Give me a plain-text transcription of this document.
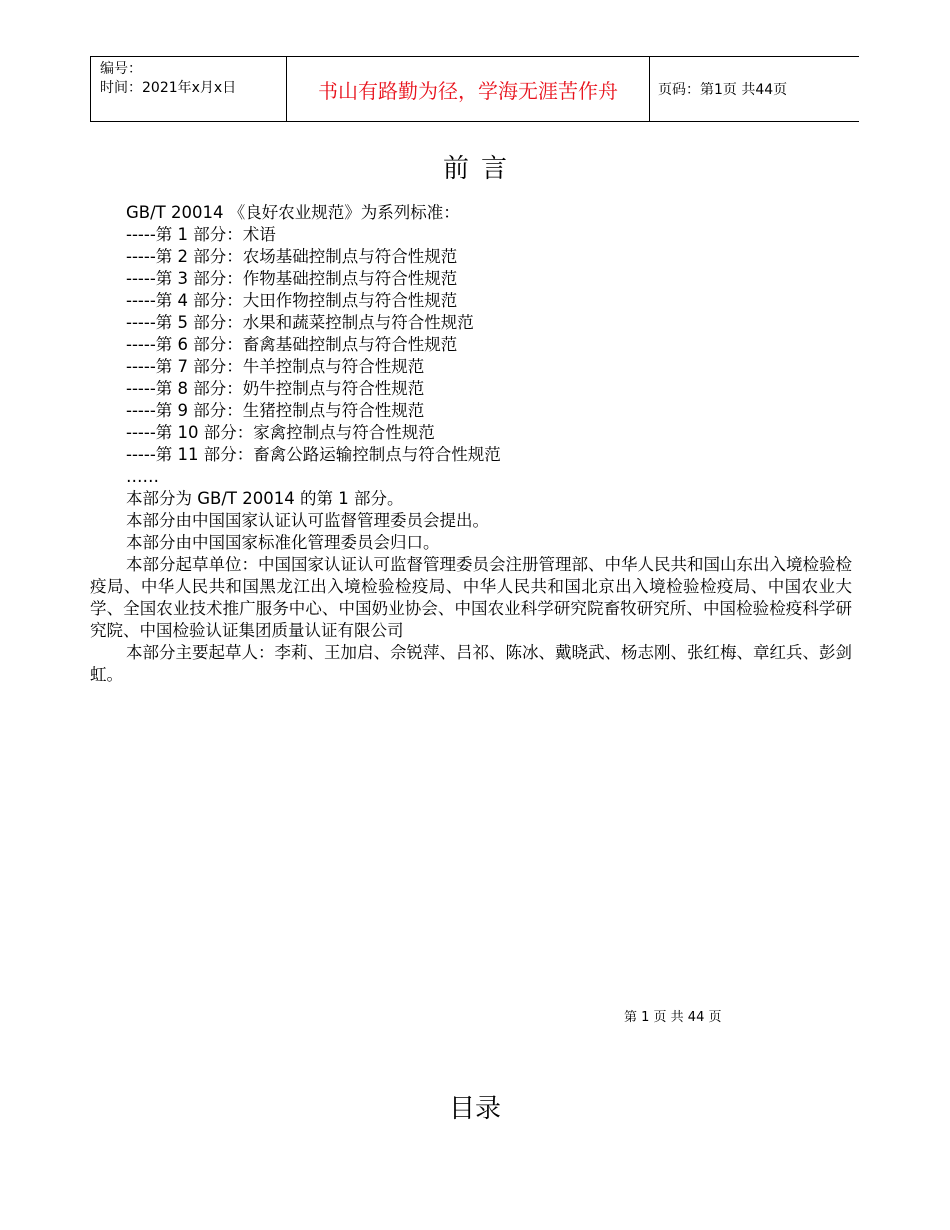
编号：
时间：2021年x月x日	书山有路勤为径，学海无涯苦作舟	页码：第1页 共44页
前言
GB/T 20014 《良好农业规范》为系列标准：
-----第 1 部分：术语
-----第 2 部分：农场基础控制点与符合性规范
-----第 3 部分：作物基础控制点与符合性规范
-----第 4 部分：大田作物控制点与符合性规范
-----第 5 部分：水果和蔬菜控制点与符合性规范
-----第 6 部分：畜禽基础控制点与符合性规范
-----第 7 部分：牛羊控制点与符合性规范
-----第 8 部分：奶牛控制点与符合性规范
-----第 9 部分：生猪控制点与符合性规范
-----第 10 部分：家禽控制点与符合性规范
-----第 11 部分：畜禽公路运输控制点与符合性规范
……
本部分为 GB/T 20014 的第 1 部分。
本部分由中国国家认证认可监督管理委员会提出。
本部分由中国国家标准化管理委员会归口。
本部分起草单位：中国国家认证认可监督管理委员会注册管理部、中华人民共和国山东出入境检验检疫局、中华人民共和国黑龙江出入境检验检疫局、中华人民共和国北京出入境检验检疫局、中国农业大学、全国农业技术推广服务中心、中国奶业协会、中国农业科学研究院畜牧研究所、中国检验检疫科学研究院、中国检验认证集团质量认证有限公司
本部分主要起草人：李莉、王加启、佘锐萍、吕祁、陈冰、戴晓武、杨志刚、张红梅、章红兵、彭剑虹。
第 1 页 共 44 页
目录
